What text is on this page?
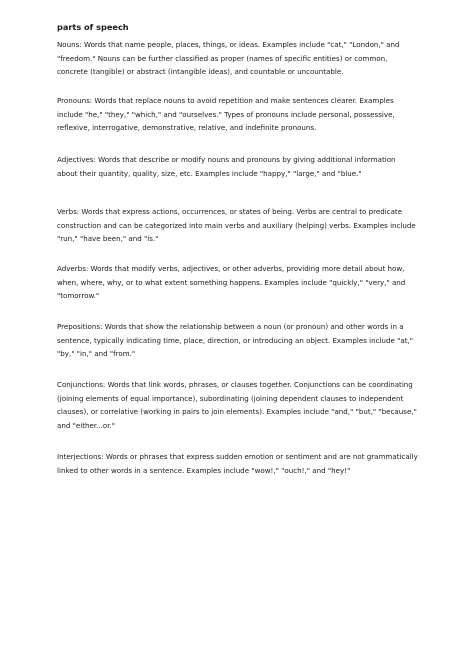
parts of speech
Nouns: Words that name people, places, things, or ideas. Examples include "cat," "London," and
"freedom." Nouns can be further classified as proper (names of specific entities) or common,
concrete (tangible) or abstract (intangible ideas), and countable or uncountable.
Pronouns: Words that replace nouns to avoid repetition and make sentences clearer. Examples
include "he," "they," "which," and "ourselves." Types of pronouns include personal, possessive,
reflexive, interrogative, demonstrative, relative, and indefinite pronouns.
Adjectives: Words that describe or modify nouns and pronouns by giving additional information
about their quantity, quality, size, etc. Examples include "happy," "large," and "blue."
Verbs: Words that express actions, occurrences, or states of being. Verbs are central to predicate
construction and can be categorized into main verbs and auxiliary (helping) verbs. Examples include
"run," "have been," and "is."
Adverbs: Words that modify verbs, adjectives, or other adverbs, providing more detail about how,
when, where, why, or to what extent something happens. Examples include "quickly," "very," and
"tomorrow."
Prepositions: Words that show the relationship between a noun (or pronoun) and other words in a
sentence, typically indicating time, place, direction, or introducing an object. Examples include "at,"
"by," "in," and "from."
Conjunctions: Words that link words, phrases, or clauses together. Conjunctions can be coordinating
(joining elements of equal importance), subordinating (joining dependent clauses to independent
clauses), or correlative (working in pairs to join elements). Examples include "and," "but," "because,"
and "either...or."
Interjections: Words or phrases that express sudden emotion or sentiment and are not grammatically
linked to other words in a sentence. Examples include "wow!," "ouch!," and "hey!"
